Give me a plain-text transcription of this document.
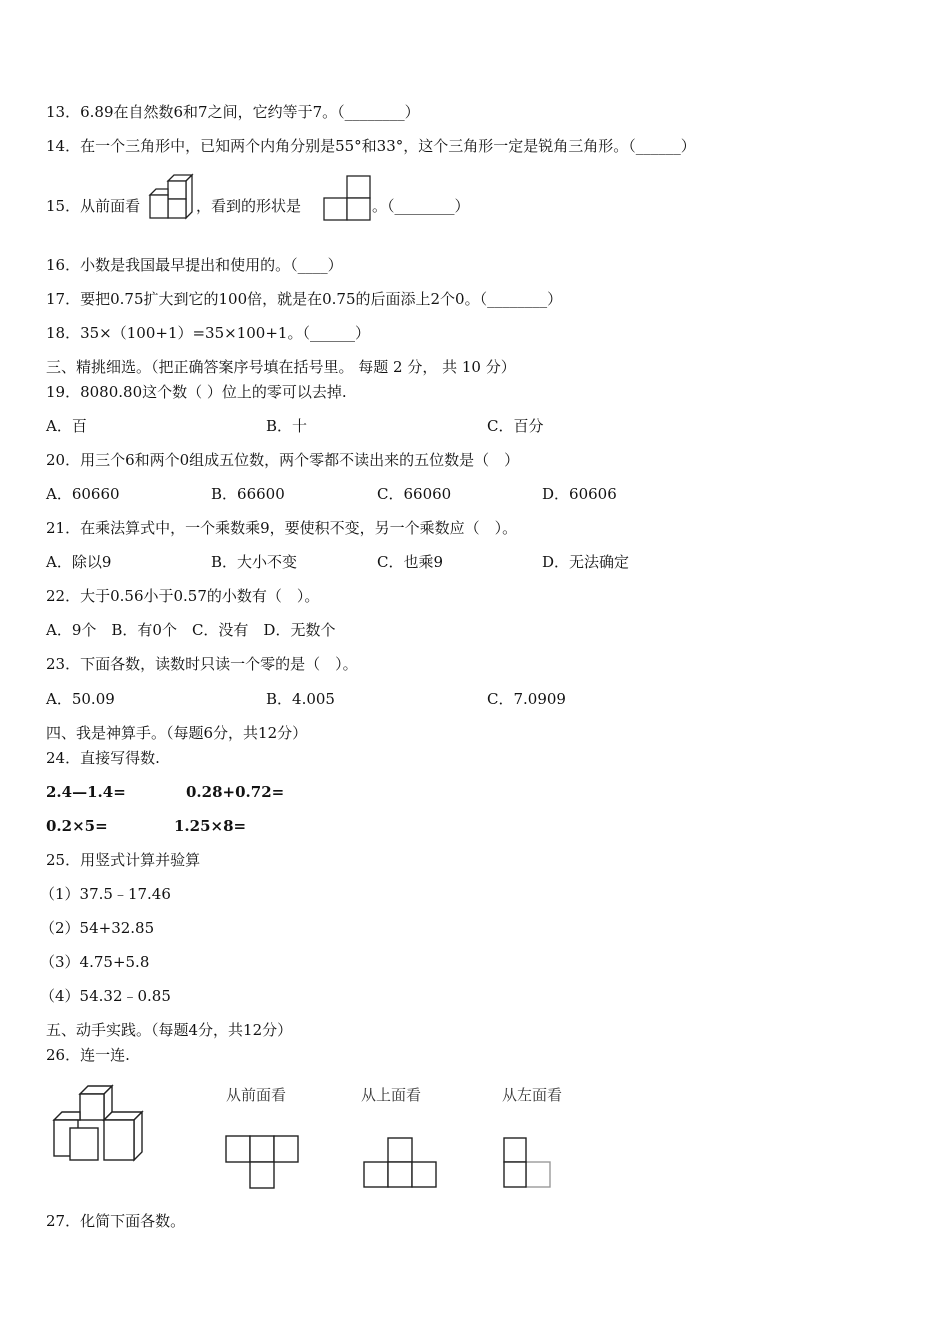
13．6.89在自然数6和7之间，它约等于7。（________）
14．在一个三角形中，已知两个内角分别是55°和33°，这个三角形一定是锐角三角形。（______）
15．从前面看	，看到的形状是	。（________）
16．小数是我国最早提出和使用的。（____）
17．要把0.75扩大到它的100倍，就是在0.75的后面添上2个0。（________）
18．35×（100+1）=35×100+1。（______）
三、精挑细选。（把正确答案序号填在括号里。 每题 2 分， 共 10 分）
19．8080.80这个数（ ）位上的零可以去掉.
A．百	B．十	C．百分
20．用三个6和两个0组成五位数，两个零都不读出来的五位数是（　）
A．60660	B．66600	C．66060	D．60606
21．在乘法算式中，一个乘数乘9，要使积不变，另一个乘数应（　）。
A．除以9	B．大小不变	C．也乘9	D．无法确定
22．大于0.56小于0.57的小数有（　）。
A．9个　B．有0个　C．没有　D．无数个
23．下面各数，读数时只读一个零的是（　）。
A．50.09	B．4.005	C．7.0909
四、我是神算手。（每题6分，共12分）
24．直接写得数.
2.4—1.4=	0.28+0.72=
0.2×5=	1.25×8=
25．用竖式计算并验算
（1）37.5﹣17.46
（2）54+32.85
（3）4.75+5.8
（4）54.32﹣0.85
五、动手实践。（每题4分，共12分）
26．连一连.
从前面看	从上面看	从左面看
27．化简下面各数。
